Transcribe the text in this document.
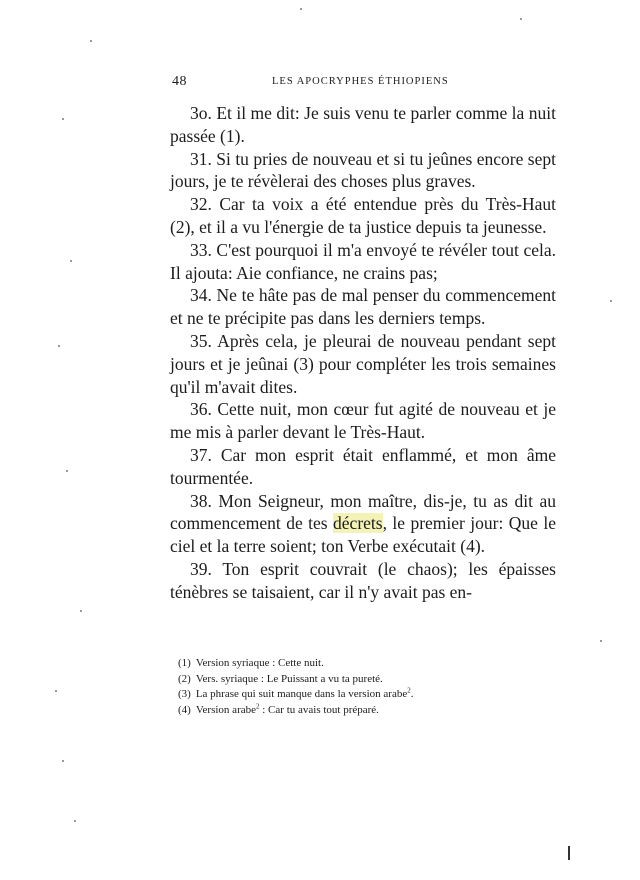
48	LES APOCRYPHES ÉTHIOPIENS

3o. Et il me dit: Je suis venu te parler comme la nuit passée (1).

31. Si tu pries de nouveau et si tu jeûnes encore sept jours, je te révèlerai des choses plus graves.

32. Car ta voix a été entendue près du Très-Haut (2), et il a vu l'énergie de ta justice depuis ta jeunesse.

33. C'est pourquoi il m'a envoyé te révéler tout cela. Il ajouta: Aie confiance, ne crains pas;

34. Ne te hâte pas de mal penser du commencement et ne te précipite pas dans les derniers temps.

35. Après cela, je pleurai de nouveau pendant sept jours et je jeûnai (3) pour compléter les trois semaines qu'il m'avait dites.

36. Cette nuit, mon cœur fut agité de nouveau et je me mis à parler devant le Très-Haut.

37. Car mon esprit était enflammé, et mon âme tourmentée.

38. Mon Seigneur, mon maître, dis-je, tu as dit au commencement de tes décrets, le premier jour: Que le ciel et la terre soient; ton Verbe exécutait (4).

39. Ton esprit couvrait (le chaos); les épaisses ténèbres se taisaient, car il n'y avait pas en-

(1) Version syriaque : Cette nuit.
(2) Vers. syriaque : Le Puissant a vu ta pureté.
(3) La phrase qui suit manque dans la version arabe$^2$.
(4) Version arabe$^2$ : Car tu avais tout préparé.
